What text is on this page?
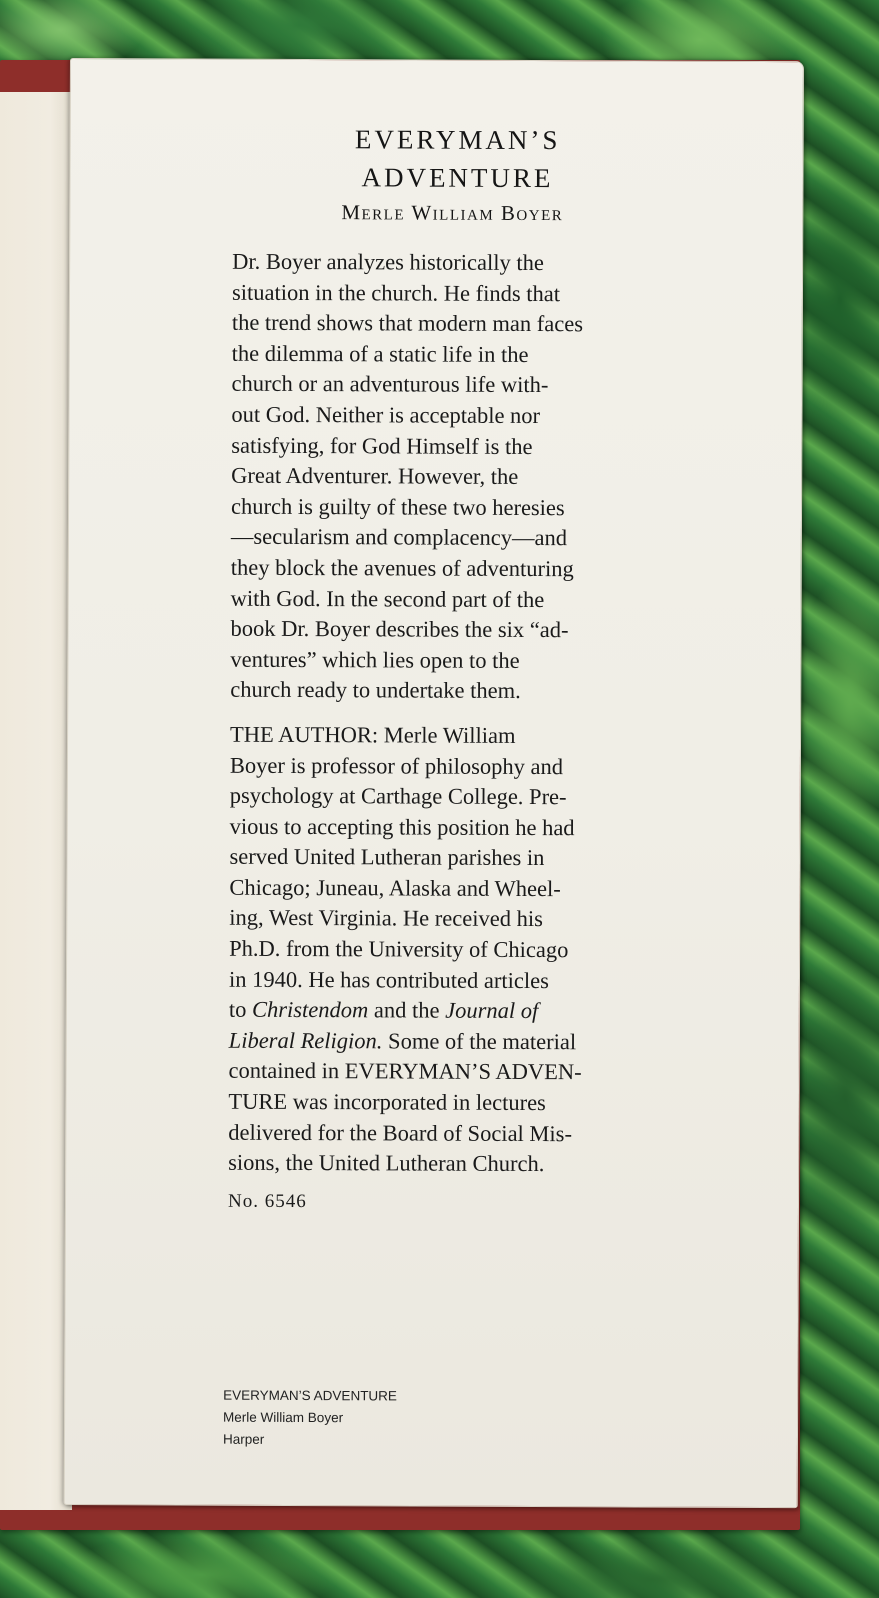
EVERYMAN’S
ADVENTURE
Merle William Boyer

Dr. Boyer analyzes historically the

situation in the church. He finds that

the trend shows that modern man faces

the dilemma of a static life in the

church or an adventurous life with-

out God. Neither is acceptable nor

satisfying, for God Himself is the

Great Adventurer. However, the

church is guilty of these two heresies

—secularism and complacency—and

they block the avenues of adventuring

with God. In the second part of the

book Dr. Boyer describes the six “ad-

ventures” which lies open to the

church ready to undertake them.

THE AUTHOR: Merle William
Boyer is professor of philosophy and
psychology at Carthage College. Pre-
vious to accepting this position he had
served United Lutheran parishes in
Chicago; Juneau, Alaska and Wheel-
ing, West Virginia. He received his
Ph.D. from the University of Chicago
in 1940. He has contributed articles
to Christendom and the Journal of
Liberal Religion. Some of the material
contained in EVERYMAN’S ADVEN-
TURE was incorporated in lectures
delivered for the Board of Social Mis-
sions, the United Lutheran Church.
No. 6546
EVERYMAN’S ADVENTURE
Merle William Boyer
Harper
